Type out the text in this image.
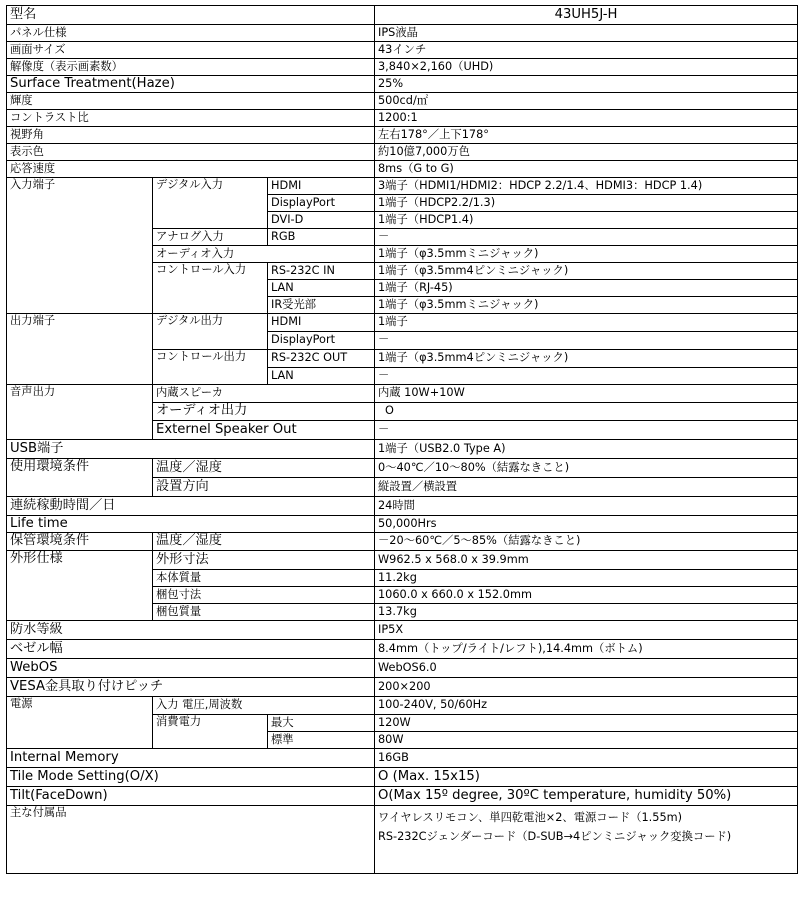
型名			43UH5J-H
パネル仕様			IPS液晶
画面サイズ			43インチ
解像度（表示画素数）			3,840×2,160（UHD)
Surface Treatment(Haze)			25%
輝度			500cd/㎡
コントラスト比			1200:1
視野角			左右178°／上下178°
表示色			約10億7,000万色
応答速度			8ms（G to G)
入力端子	デジタル入力	HDMI	3端子（HDMI1/HDMI2：HDCP 2.2/1.4、HDMI3：HDCP 1.4)
		DisplayPort	1端子（HDCP2.2/1.3)
		DVI-D	1端子（HDCP1.4)
	アナログ入力	RGB	－
	オーディオ入力		1端子（φ3.5mmミニジャック)
	コントロール入力	RS-232C IN	1端子（φ3.5mm4ピンミニジャック)
		LAN	1端子（RJ-45)
		IR受光部	1端子（φ3.5mmミニジャック)
出力端子	デジタル出力	HDMI	1端子
		DisplayPort	－
	コントロール出力	RS-232C OUT	1端子（φ3.5mm4ピンミニジャック)
		LAN	－
音声出力	内蔵スピーカ		内蔵 10W+10W
	オーディオ出力		O
	Externel Speaker Out		－
USB端子			1端子（USB2.0 Type A)
使用環境条件	温度／湿度		0～40℃／10～80%（結露なきこと)
	設置方向		縦設置／横設置
連続稼動時間／日			24時間
Life time			50,000Hrs
保管環境条件	温度／湿度		－20～60℃／5～85%（結露なきこと)
外形仕様	外形寸法		W962.5 x 568.0 x 39.9mm
	本体質量		11.2kg
	梱包寸法		1060.0 x 660.0 x 152.0mm
	梱包質量		13.7kg
防水等級			IP5X
ベゼル幅			8.4mm（トップ/ライト/レフト),14.4mm（ボトム)
WebOS			WebOS6.0
VESA金具取り付けピッチ			200×200
電源	入力 電圧,周波数		100-240V, 50/60Hz
	消費電力	最大	120W
		標準	80W
Internal Memory			16GB
Tile Mode Setting(O/X)			O (Max. 15x15)
Tilt(FaceDown)			O(Max 15º degree, 30ºC temperature, humidity 50%)
主な付属品			ワイヤレスリモコン、単四乾電池×2、電源コード（1.55m)
RS-232Cジェンダーコード（D-SUB→4ピンミニジャック変換コード)
